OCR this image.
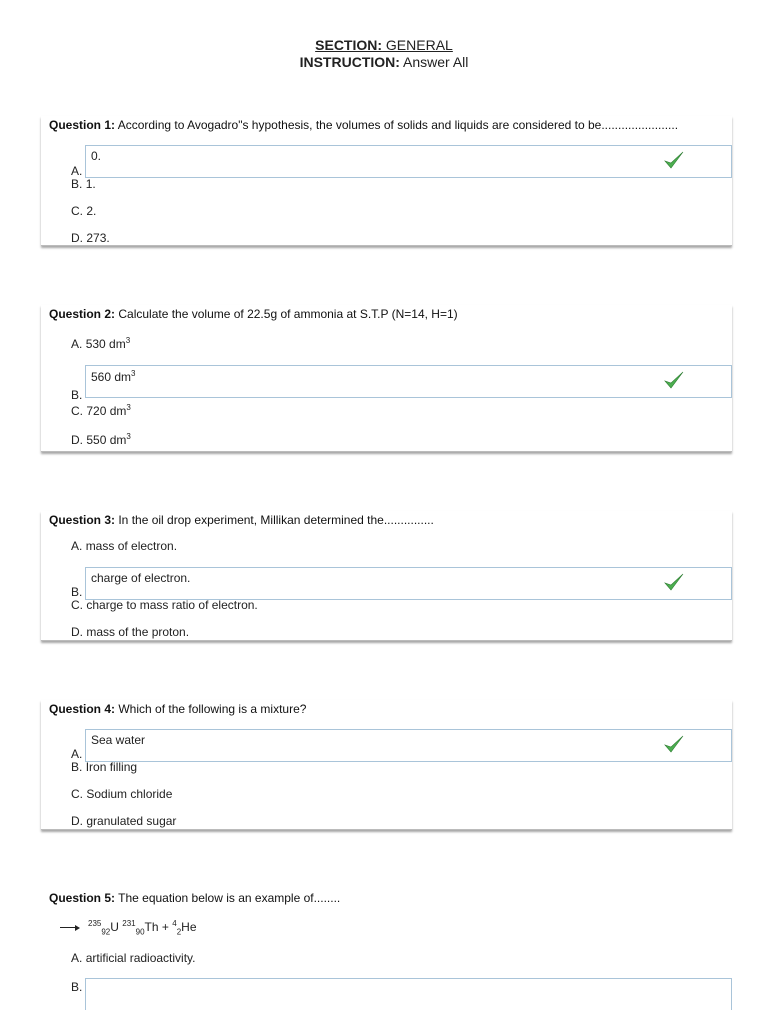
SECTION: GENERAL
INSTRUCTION: Answer All
Question 1: According to Avogadro"s hypothesis, the volumes of solids and liquids are considered to be.......................
0.
A.
B. 1.
C. 2.
D. 273.
Question 2: Calculate the volume of 22.5g of ammonia at S.T.P (N=14, H=1)
A. 530 $dm^3$
560 $dm^3$
B.
C. 720 $dm^3$
D. 550 $dm^3$
Question 3: In the oil drop experiment, Millikan determined the...............
A. mass of electron.
charge of electron.
B.
C. charge to mass ratio of electron.
D. mass of the proton.
Question 4: Which of the following is a mixture?
Sea water
A.
B. Iron filling
C. Sodium chloride
D. granulated sugar
Question 5: The equation below is an example of........
$^{235}_{92}$U $^{231}_{90}$Th + $^4_2$He
A. artificial radioactivity.
B.
